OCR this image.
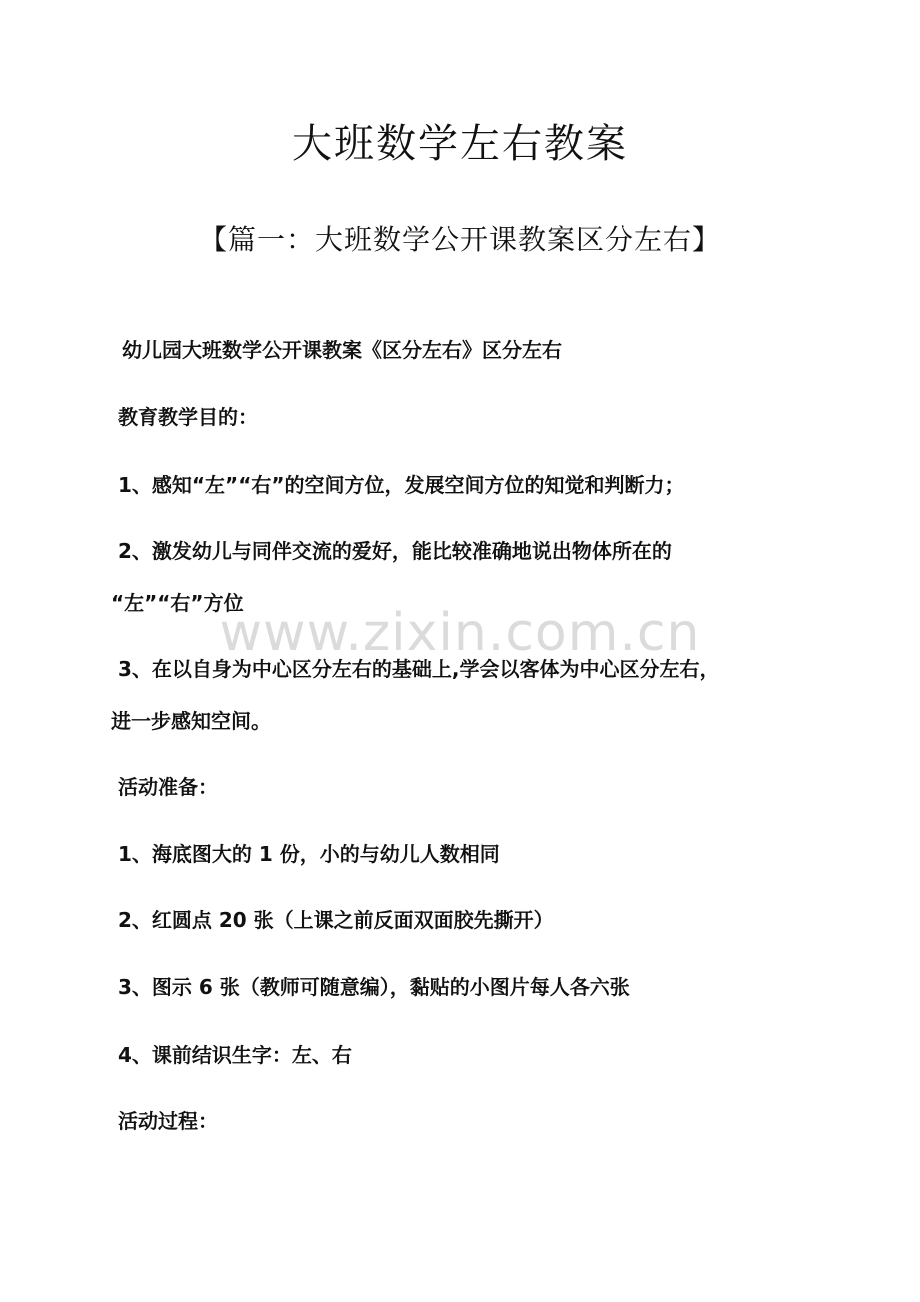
大班数学左右教案
【篇一：大班数学公开课教案区分左右】

幼儿园大班数学公开课教案《区分左右》区分左右

教育教学目的：

1、感知“左”“右”的空间方位，发展空间方位的知觉和判断力；

2、激发幼儿与同伴交流的爱好，能比较准确地说出物体所在的

“左”“右”方位

3、在以自身为中心区分左右的基础上,学会以客体为中心区分左右，

进一步感知空间。

活动准备：

1、海底图大的 1 份，小的与幼儿人数相同

2、红圆点 20 张（上课之前反面双面胶先撕开）

3、图示 6 张（教师可随意编），黏贴的小图片每人各六张

4、课前结识生字：左、右

活动过程：

www.zixin.com.cn
